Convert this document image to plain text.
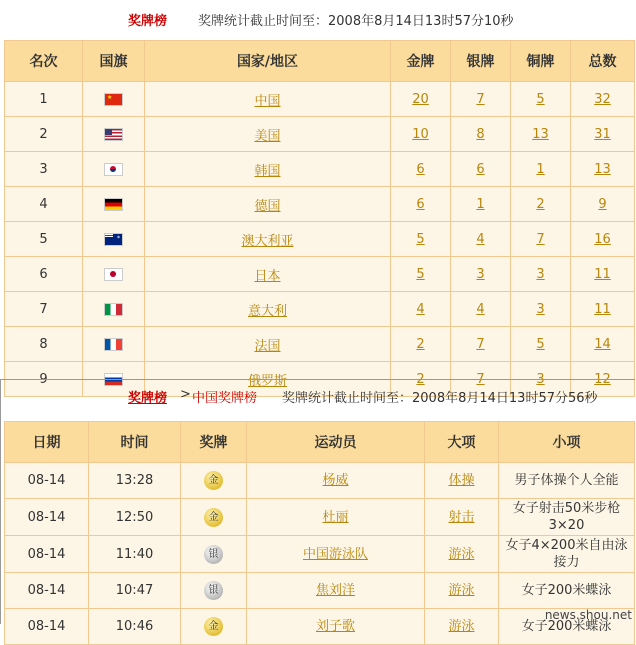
奖牌榜 奖牌统计截止时间至：2008年8月14日13时57分10秒
名次	国旗	国家/地区	金牌	银牌	铜牌	总数
1	★	中国	20	7	5	32
2		美国	10	8	13	31
3		韩国	6	6	1	13
4		德国	6	1	2	9
5	*	澳大利亚	5	4	7	16
6		日本	5	3	3	11
7		意大利	4	4	3	11
8		法国	2	7	5	14
9		俄罗斯	2	7	3	12
奖牌榜 > 中国奖牌榜 奖牌统计截止时间至：2008年8月14日13时57分56秒
日期	时间	奖牌	运动员	大项	小项
08-14	13:28	金	杨威	体操	男子体操个人全能
08-14	12:50	金	杜丽	射击	女子射击50米步枪3×20
08-14	11:40	银	中国游泳队	游泳	女子4×200米自由泳接力
08-14	10:47	银	焦刘洋	游泳	女子200米蝶泳
08-14	10:46	金	刘子歌	游泳	女子200米蝶泳
news.shou.net
